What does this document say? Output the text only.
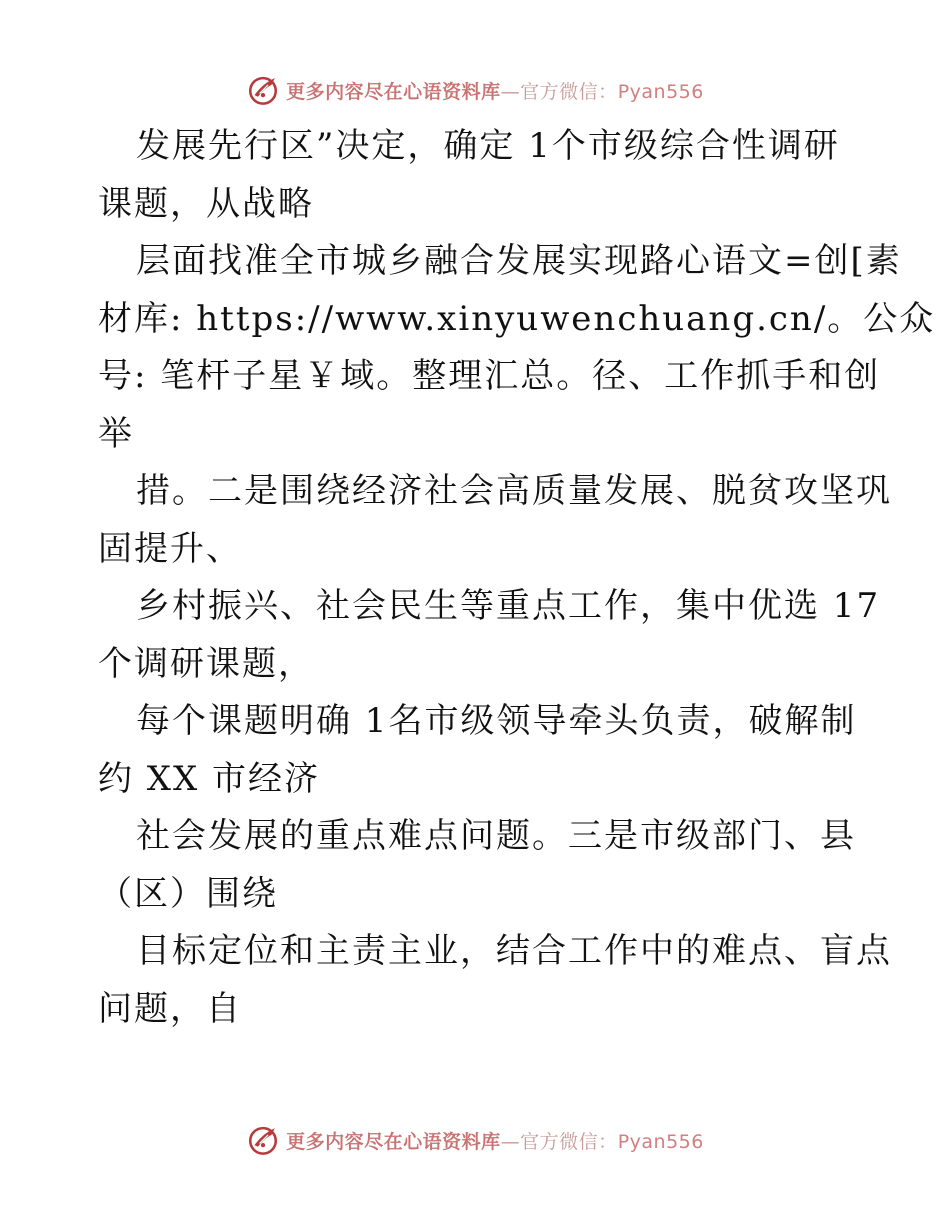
更多内容尽在心语资料库—官方微信：Pyan556
发展先行区”决定，确定 1个市级综合性调研
课题，从战略
层面找准全市城乡融合发展实现路心语文=创[素
材库: https://www.xinyuwenchuang.cn/。公众
号: 笔杆子星￥域。整理汇总。径、工作抓手和创
举
措。二是围绕经济社会高质量发展、脱贫攻坚巩
固提升、
乡村振兴、社会民生等重点工作，集中优选 17
个调研课题，
每个课题明确 1名市级领导牵头负责，破解制
约 XX 市经济
社会发展的重点难点问题。三是市级部门、县
（区）围绕
目标定位和主责主业，结合工作中的难点、盲点
问题，自
更多内容尽在心语资料库—官方微信：Pyan556
